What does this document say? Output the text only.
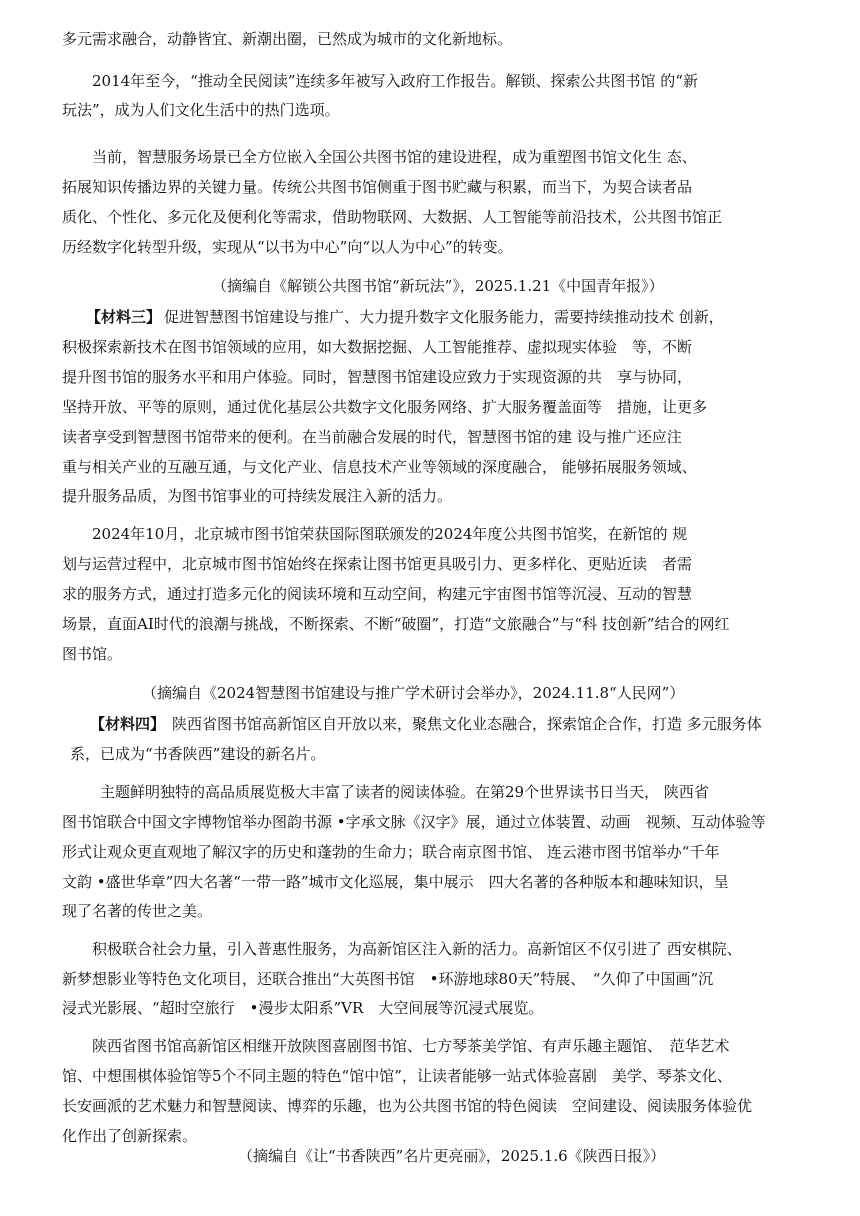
多元需求融合，动静皆宜、新潮出圈，已然成为城市的文化新地标。
2014年至今，“推动全民阅读”连续多年被写入政府工作报告。解锁、探索公共图书馆 的“新
玩法”，成为人们文化生活中的热门选项。
当前，智慧服务场景已全方位嵌入全国公共图书馆的建设进程，成为重塑图书馆文化生 态、
拓展知识传播边界的关键力量。传统公共图书馆侧重于图书贮藏与积累，而当下，为契合读者品
质化、个性化、多元化及便利化等需求，借助物联网、大数据、人工智能等前沿技术，公共图书馆正
历经数字化转型升级，实现从“以书为中心”向“以人为中心”的转变。
（摘编自《解锁公共图书馆“新玩法”》，2025.1.21《中国青年报》）
【材料三】 促进智慧图书馆建设与推广、大力提升数字文化服务能力，需要持续推动技术 创新，
积极探索新技术在图书馆领域的应用，如大数据挖掘、人工智能推荐、虚拟现实体验　等，不断
提升图书馆的服务水平和用户体验。同时，智慧图书馆建设应致力于实现资源的共　享与协同，
坚持开放、平等的原则，通过优化基层公共数字文化服务网络、扩大服务覆盖面等　措施，让更多
读者享受到智慧图书馆带来的便利。在当前融合发展的时代，智慧图书馆的建 设与推广还应注
重与相关产业的互融互通，与文化产业、信息技术产业等领域的深度融合， 能够拓展服务领域、
提升服务品质，为图书馆事业的可持续发展注入新的活力。
2024年10月，北京城市图书馆荣获国际图联颁发的2024年度公共图书馆奖，在新馆的 规
划与运营过程中，北京城市图书馆始终在探索让图书馆更具吸引力、更多样化、更贴近读　者需
求的服务方式，通过打造多元化的阅读环境和互动空间，构建元宇宙图书馆等沉浸、互动的智慧
场景，直面AI时代的浪潮与挑战，不断探索、不断“破圈”，打造“文旅融合”与“科 技创新”结合的网红
图书馆。
（摘编自《2024智慧图书馆建设与推广学术研讨会举办》，2024.11.8“人民网”）
【材料四】 陕西省图书馆高新馆区自开放以来，聚焦文化业态融合，探索馆企合作，打造 多元服务体
系，已成为“书香陕西”建设的新名片。
主题鲜明独特的高品质展览极大丰富了读者的阅读体验。在第29个世界读书日当天， 陕西省
图书馆联合中国文字博物馆举办图韵书源 •字承文脉《汉字》展，通过立体装置、动画　视频、互动体验等
形式让观众更直观地了解汉字的历史和蓬勃的生命力；联合南京图书馆、 连云港市图书馆举办“千年
文韵 •盛世华章”四大名著“一带一路”城市文化巡展，集中展示　四大名著的各种版本和趣味知识，呈
现了名著的传世之美。
积极联合社会力量，引入普惠性服务，为高新馆区注入新的活力。高新馆区不仅引进了 西安棋院、
新梦想影业等特色文化项目，还联合推出“大英图书馆　•环游地球80天”特展、　“久仰了中国画”沉
浸式光影展、“超时空旅行　•漫步太阳系”VR　大空间展等沉浸式展览。
陕西省图书馆高新馆区相继开放陕图喜剧图书馆、七方琴茶美学馆、有声乐趣主题馆、　范华艺术
馆、中想围棋体验馆等5个不同主题的特色“馆中馆”，让读者能够一站式体验喜剧　美学、琴茶文化、
长安画派的艺术魅力和智慧阅读、博弈的乐趣，也为公共图书馆的特色阅读　空间建设、阅读服务体验优
化作出了创新探索。
（摘编自《让“书香陕西”名片更亮丽》，2025.1.6《陕西日报》）
